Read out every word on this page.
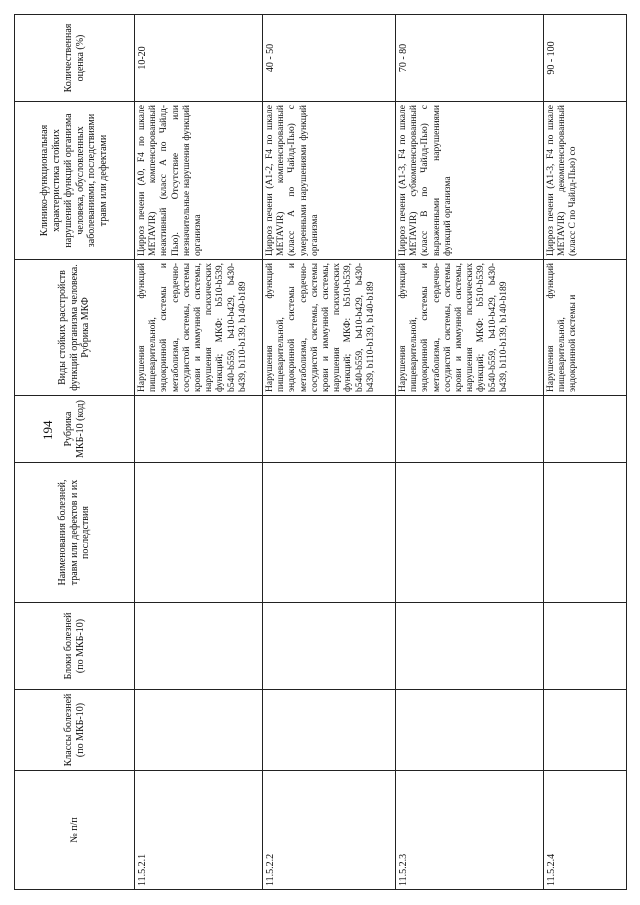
194
№ п/п	Классы болезней (по МКБ-10)	Блоки болезней (по МКБ-10)	Наименования болезней, травм или дефектов и их последствия	Рубрика МКБ-10 (код)	Виды стойких расстройств функций организма человека. Рубрика МКФ	Клинико-функциональная характеристика стойких нарушений функций организма человека, обусловленных заболеваниями, последствиями травм или дефектами	Количественная оценка (%)
11.5.2.1					Нарушения функций пищеварительной, эндокринной системы и метаболизма, сердечно-сосудистой системы, системы крови и иммунной системы, нарушения психических функций; МКФ: b510-b539, b540-b559, b410-b429, b430-b439, b110-b139, b140-b189	Цирроз печени (A0, F4 по шкале METAVIR) компенсированный неактивный (класс A по Чайлд-Пью). Отсутствие или незначительные нарушения функций организма	10-20
11.5.2.2					Нарушения функций пищеварительной, эндокринной системы и метаболизма, сердечно-сосудистой системы, системы крови и иммунной системы, нарушения психических функций; МКФ: b510-b539, b540-b559, b410-b429, b430-b439, b110-b139, b140-b189	Цирроз печени (A1-2, F4 по шкале METAVIR) компенсированный (класс A по Чайлд-Пью) с умеренными нарушениями функций организма	40 - 50
11.5.2.3					Нарушения функций пищеварительной, эндокринной системы и метаболизма, сердечно-сосудистой системы, системы крови и иммунной системы, нарушения психических функций; МКФ: b510-b539, b540-b559, b410-b429, b430-b439, b110-b139, b140-b189	Цирроз печени (A1-3, F4 по шкале METAVIR) субкомпенсированный (класс B по Чайлд-Пью) с выраженными нарушениями функций организма	70 - 80
11.5.2.4					Нарушения функций пищеварительной, эндокринной системы и	Цирроз печени (A1-3, F4 по шкале METAVIR) декомпенсированный (класс C по Чайлд-Пью) со	90 - 100
